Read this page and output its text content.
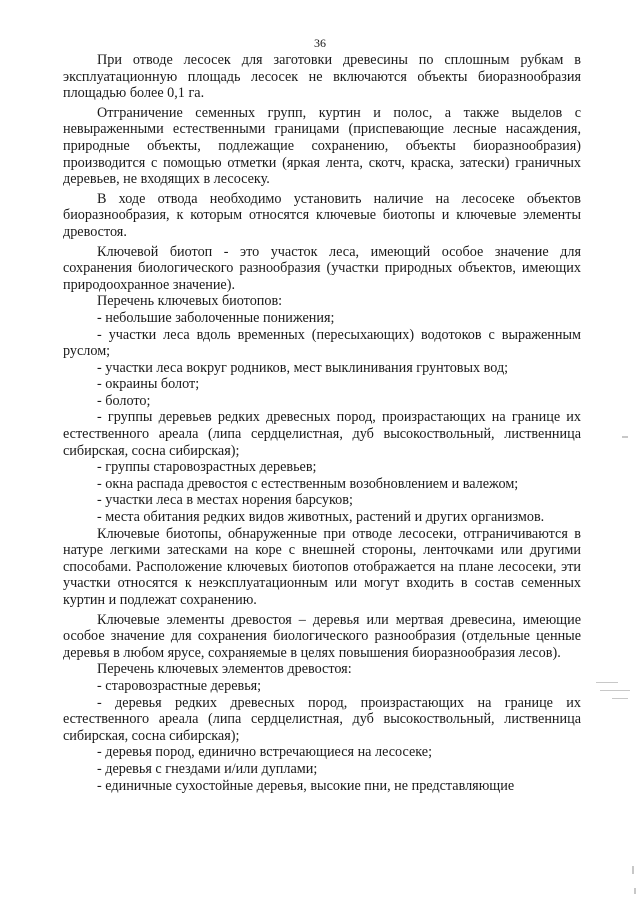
36

При отводе лесосек для заготовки древесины по сплошным рубкам в эксплуатационную площадь лесосек не включаются объекты биоразнообразия площадью более 0,1 га.

Отграничение семенных групп, куртин и полос, а также выделов с невыраженными естественными границами (приспевающие лесные насаждения, природные объекты, подлежащие сохранению, объекты биоразнообразия) производится с помощью отметки (яркая лента, скотч, краска, затески) граничных деревьев, не входящих в лесосеку.

В ходе отвода необходимо установить наличие на лесосеке объектов биоразнообразия, к которым относятся ключевые биотопы и ключевые элементы древостоя.

Ключевой биотоп - это участок леса, имеющий особое значение для сохранения биологического разнообразия (участки природных объектов, имеющих природоохранное значение).

Перечень ключевых биотопов:

- небольшие заболоченные понижения;

- участки леса вдоль временных (пересыхающих) водотоков с выраженным руслом;

- участки леса вокруг родников, мест выклинивания грунтовых вод;

- окраины болот;

- болото;

- группы деревьев редких древесных пород, произрастающих на границе их естественного ареала (липа сердцелистная, дуб высокоствольный, лиственница сибирская, сосна сибирская);

- группы старовозрастных деревьев;

- окна распада древостоя с естественным возобновлением и валежом;

- участки леса в местах норения барсуков;

- места обитания редких видов животных, растений и других организмов.

Ключевые биотопы, обнаруженные при отводе лесосеки, отграничиваются в натуре легкими затесками на коре с внешней стороны, ленточками или другими способами. Расположение ключевых биотопов отображается на плане лесосеки, эти участки относятся к неэксплуатационным или могут входить в состав семенных куртин и подлежат сохранению.

Ключевые элементы древостоя – деревья или мертвая древесина, имеющие особое значение для сохранения биологического разнообразия (отдельные ценные деревья в любом ярусе, сохраняемые в целях повышения биоразнообразия лесов).

Перечень ключевых элементов древостоя:

- старовозрастные деревья;

- деревья редких древесных пород, произрастающих на границе их естественного ареала (липа сердцелистная, дуб высокоствольный, лиственница сибирская, сосна сибирская);

- деревья пород, единично встречающиеся на лесосеке;

- деревья с гнездами и/или дуплами;

- единичные сухостойные деревья, высокие пни, не представляющие
